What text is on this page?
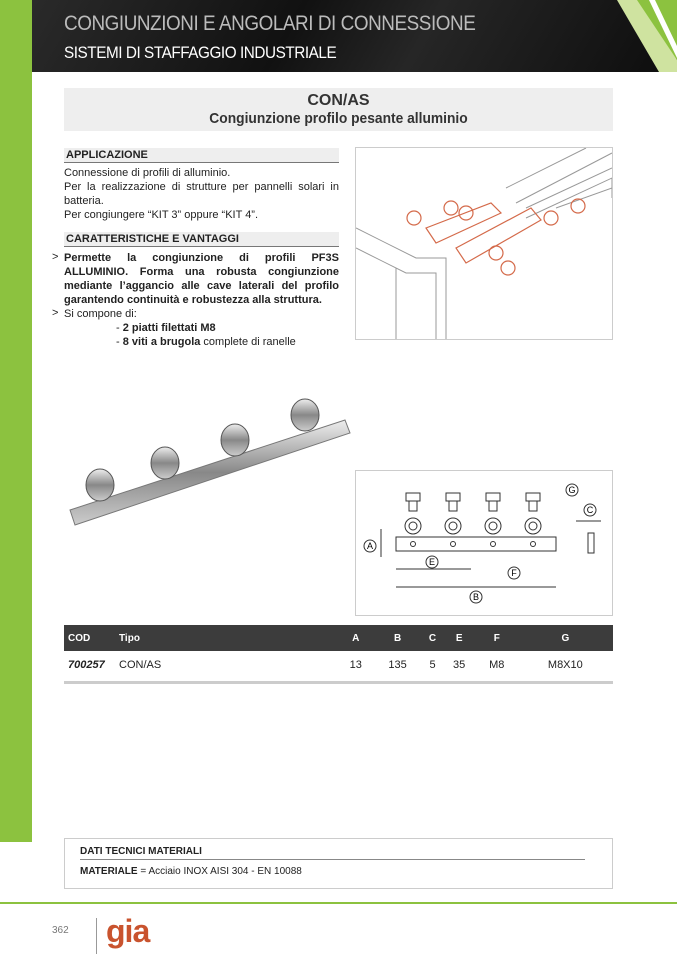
CONGIUNZIONI E ANGOLARI DI CONNESSIONE
SISTEMI DI STAFFAGGIO INDUSTRIALE
CON/AS
Congiunzione profilo pesante alluminio
APPLICAZIONE

Connessione di profili di alluminio.

Per la realizzazione di strutture per pannelli solari in batteria.

Per congiungere “KIT 3” oppure “KIT 4”.

CARATTERISTICHE E VANTAGGI
> Permette la congiunzione di profili PF3S ALLUMINIO. Forma una robusta congiunzione mediante l’aggancio alle cave laterali del profilo garantendo continuità e robustezza alla struttura.

> Si compone di:

- 2 piatti filettati M8

- 8 viti a brugola complete di ranelle

A
B
C
E
F
G
COD	Tipo	A	B	C	E	F	G
700257	CON/AS	13	135	5	35	M8	M8X10
DATI TECNICI MATERIALI
MATERIALE = Acciaio INOX AISI 304 - EN 10088
362 gia
